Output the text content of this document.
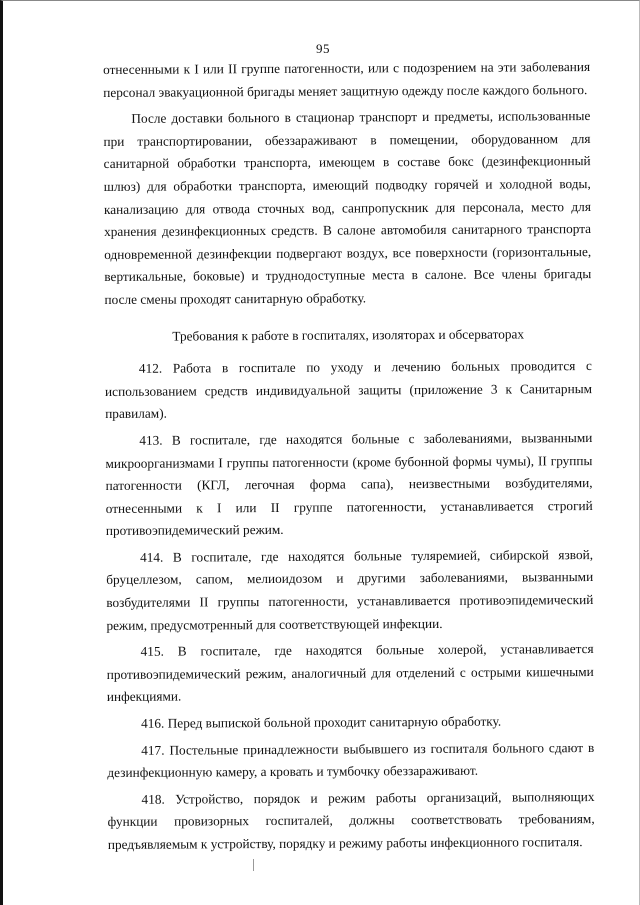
95

отнесенными к I или II группе патогенности, или с подозрением на эти заболевания персонал эвакуационной бригады меняет защитную одежду после каждого больного.

После доставки больного в стационар транспорт и предметы, использованные при транспортировании, обеззараживают в помещении, оборудованном для санитарной обработки транспорта, имеющем в составе бокс (дезинфекционный шлюз) для обработки транспорта, имеющий подводку горячей и холодной воды, канализацию для отвода сточных вод, санпропускник для персонала, место для хранения дезинфекционных средств. В салоне автомобиля санитарного транспорта одновременной дезинфекции подвергают воздух, все поверхности (горизонтальные, вертикальные, боковые) и труднодоступные места в салоне. Все члены бригады после смены проходят санитарную обработку.

Требования к работе в госпиталях, изоляторах и обсерваторах

412. Работа в госпитале по уходу и лечению больных проводится с использованием средств индивидуальной защиты (приложение 3 к Санитарным правилам).

413. В госпитале, где находятся больные с заболеваниями, вызванными микроорганизмами I группы патогенности (кроме бубонной формы чумы), II группы патогенности (КГЛ, легочная форма сапа), неизвестными возбудителями, отнесенными к I или II группе патогенности, устанавливается строгий противоэпидемический режим.

414. В госпитале, где находятся больные туляремией, сибирской язвой, бруцеллезом, сапом, мелиоидозом и другими заболеваниями, вызванными возбудителями II группы патогенности, устанавливается противоэпидемический режим, предусмотренный для соответствующей инфекции.

415. В госпитале, где находятся больные холерой, устанавливается противоэпидемический режим, аналогичный для отделений с острыми кишечными инфекциями.

416. Перед выпиской больной проходит санитарную обработку.

417. Постельные принадлежности выбывшего из госпиталя больного сдают в дезинфекционную камеру, а кровать и тумбочку обеззараживают.

418. Устройство, порядок и режим работы организаций, выполняющих функции провизорных госпиталей, должны соответствовать требованиям, предъявляемым к устройству, порядку и режиму работы инфекционного госпиталя.
